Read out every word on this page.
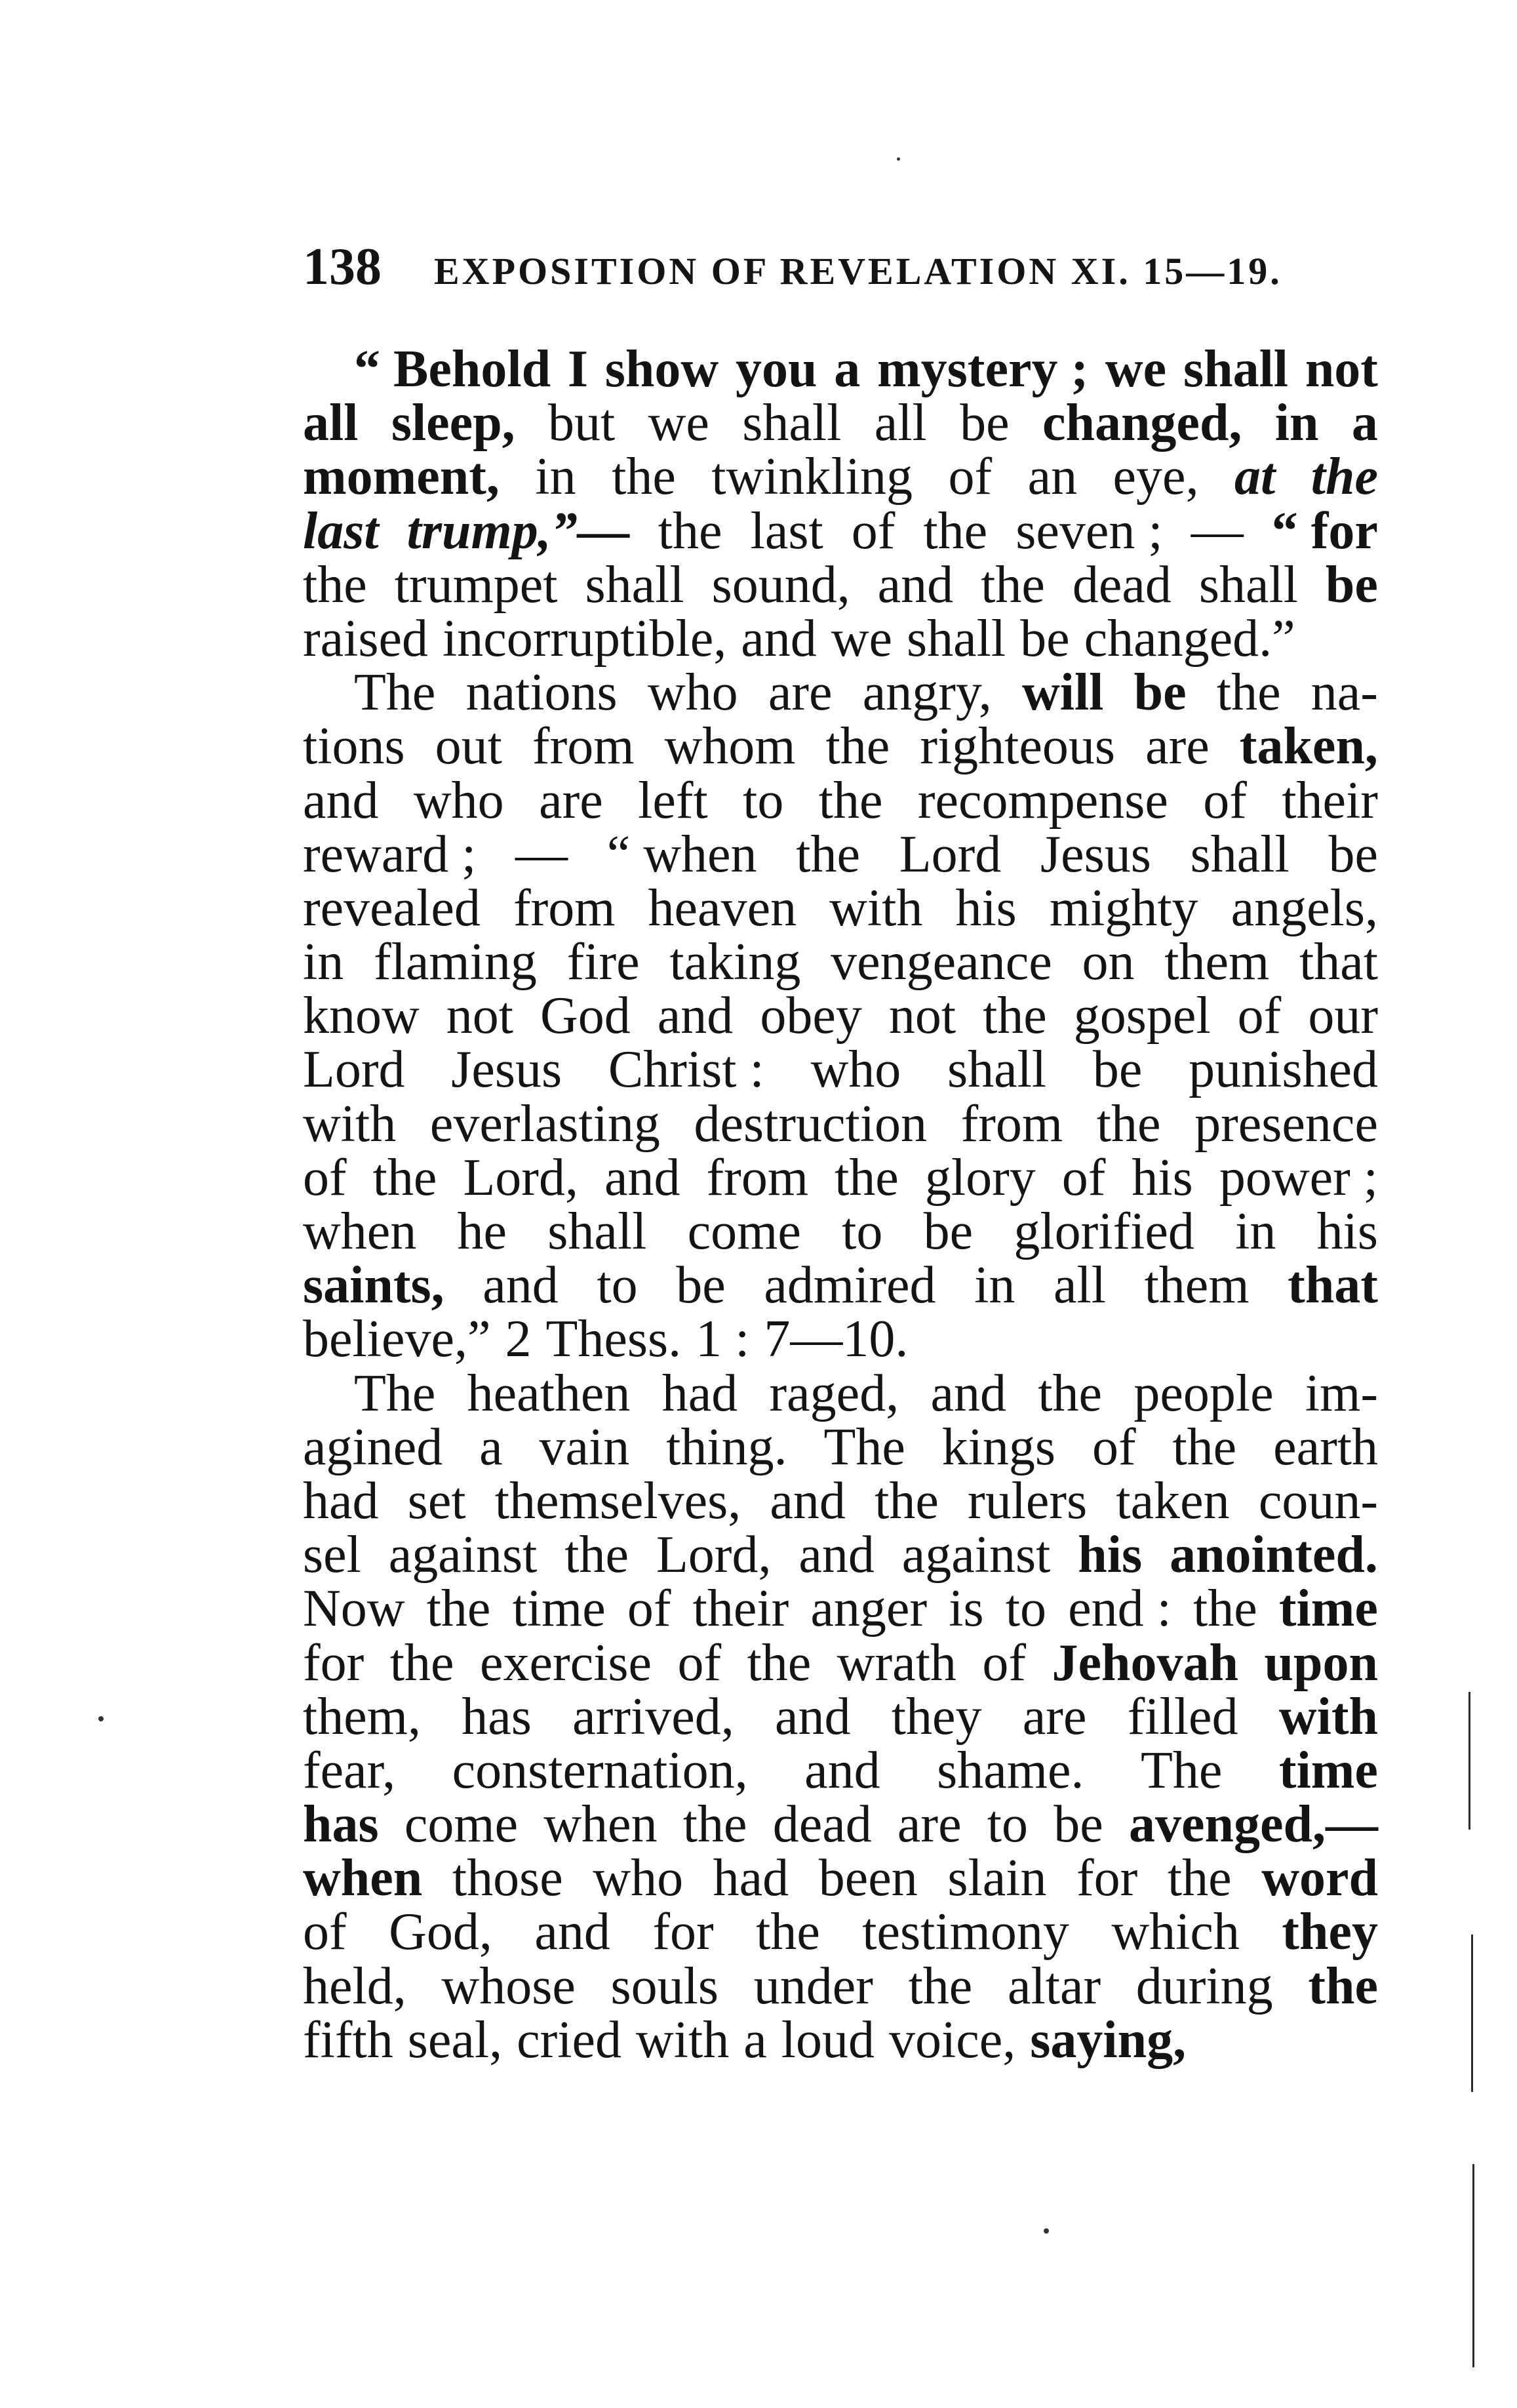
138 EXPOSITION OF REVELATION XI. 15—19.
“ Behold I show you a mystery ; we shall not
all sleep, but we shall all be changed, in a
moment, in the twinkling of an eye, at the
last trump,”— the last of the seven ; — “ for
the trumpet shall sound, and the dead shall be
raised incorruptible, and we shall be changed.”
The nations who are angry, will be the na-
tions out from whom the righteous are taken,
and who are left to the recompense of their
reward ; — “ when the Lord Jesus shall be
revealed from heaven with his mighty angels,
in flaming fire taking vengeance on them that
know not God and obey not the gospel of our
Lord Jesus Christ : who shall be punished
with everlasting destruction from the presence
of the Lord, and from the glory of his power ;
when he shall come to be glorified in his
saints, and to be admired in all them that
believe,” 2 Thess. 1 : 7—10.
The heathen had raged, and the people im-
agined a vain thing. The kings of the earth
had set themselves, and the rulers taken coun-
sel against the Lord, and against his anointed.
Now the time of their anger is to end : the time
for the exercise of the wrath of Jehovah upon
them, has arrived, and they are filled with
fear, consternation, and shame. The time
has come when the dead are to be avenged,—
when those who had been slain for the word
of God, and for the testimony which they
held, whose souls under the altar during the
fifth seal, cried with a loud voice, saying,
